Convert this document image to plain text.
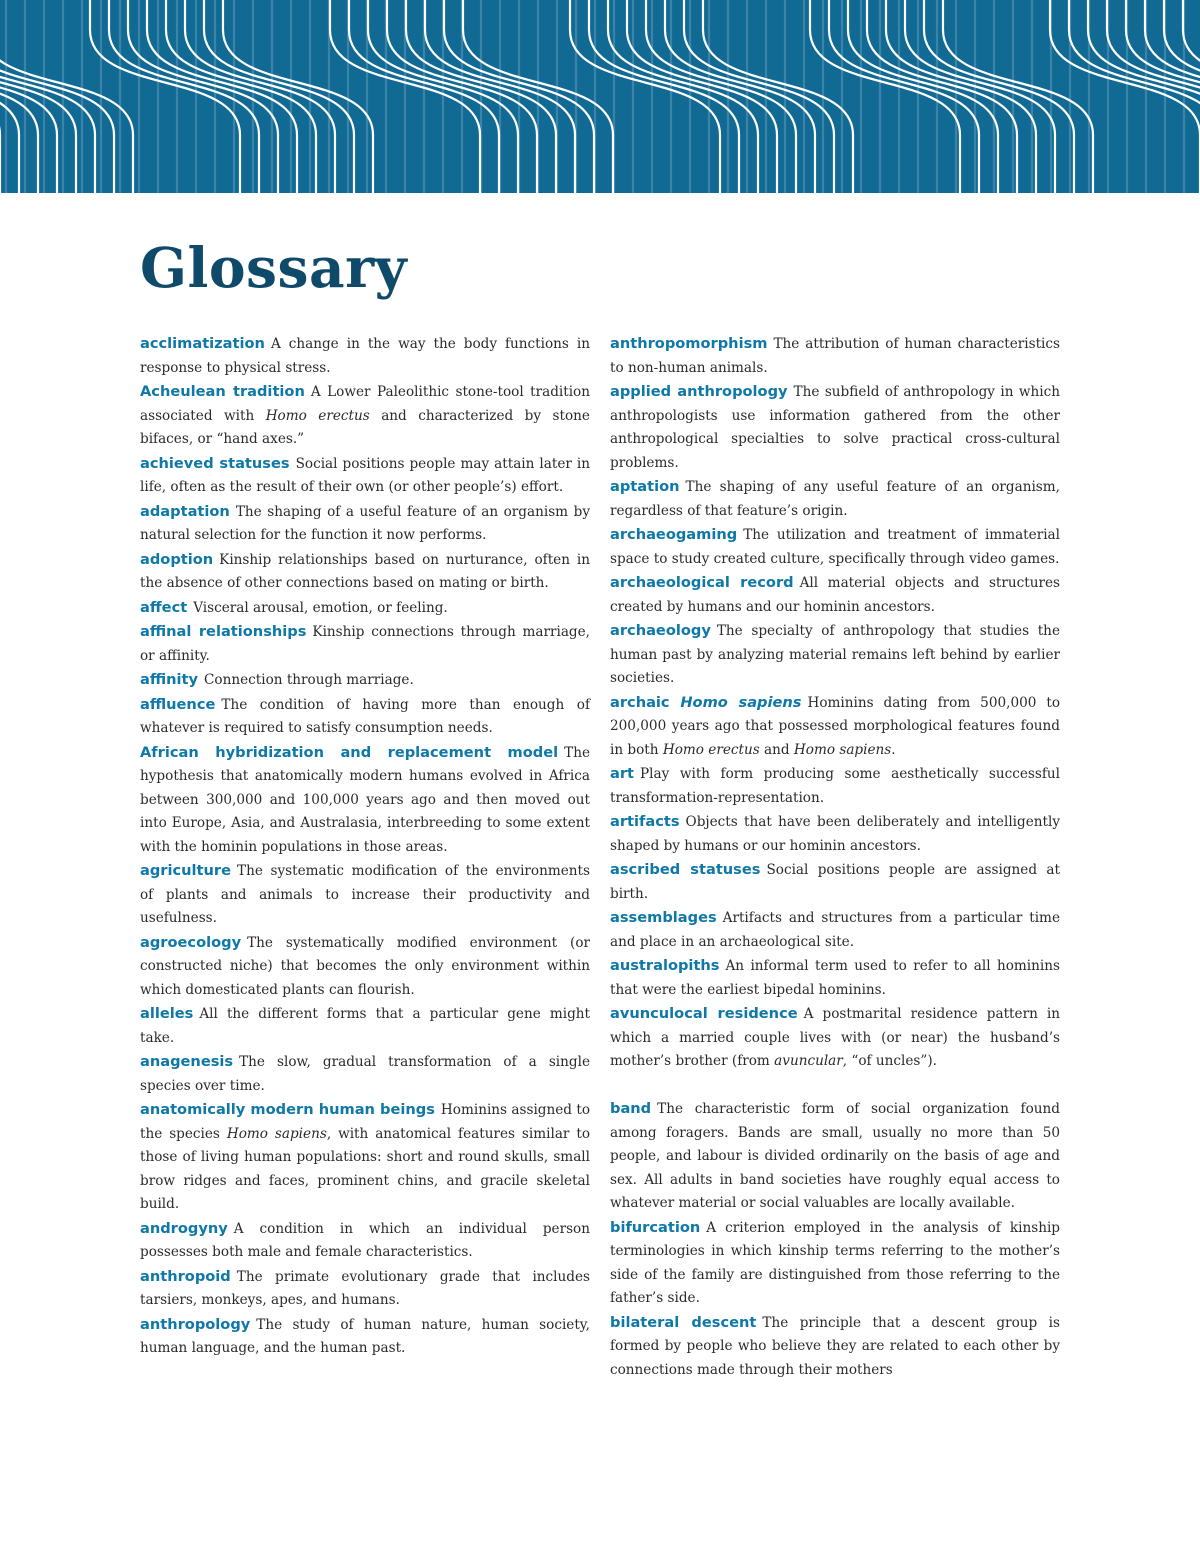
Glossary

acclimatization A change in the way the body functions in response to physical stress.

Acheulean tradition A Lower Paleolithic stone-tool tradition associated with Homo erectus and characterized by stone bifaces, or “hand axes.”

achieved statuses Social positions people may attain later in life, often as the result of their own (or other people’s) effort.

adaptation The shaping of a useful feature of an organism by natural selection for the function it now performs.

adoption Kinship relationships based on nurturance, often in the absence of other connections based on mating or birth.

affect Visceral arousal, emotion, or feeling.

affinal relationships Kinship connections through marriage, or affinity.

affinity Connection through marriage.

affluence The condition of having more than enough of whatever is required to satisfy consumption needs.

African hybridization and replacement model The hypothesis that anatomically modern humans evolved in Africa between 300,000 and 100,000 years ago and then moved out into Europe, Asia, and Australasia, interbreeding to some extent with the hominin populations in those areas.

agriculture The systematic modification of the environments of plants and animals to increase their productivity and usefulness.

agroecology The systematically modified environment (or constructed niche) that becomes the only environment within which domesticated plants can flourish.

alleles All the different forms that a particular gene might take.

anagenesis The slow, gradual transformation of a single species over time.

anatomically modern human beings Hominins assigned to the species Homo sapiens, with anatomical features similar to those of living human populations: short and round skulls, small brow ridges and faces, prominent chins, and gracile skeletal build.

androgyny A condition in which an individual person possesses both male and female characteristics.

anthropoid The primate evolutionary grade that includes tarsiers, monkeys, apes, and humans.

anthropology The study of human nature, human society, human language, and the human past.

anthropomorphism The attribution of human characteristics to non-human animals.

applied anthropology The subfield of anthropology in which anthropologists use information gathered from the other anthropological specialties to solve practical cross-cultural problems.

aptation The shaping of any useful feature of an organism, regardless of that feature’s origin.

archaeogaming The utilization and treatment of immaterial space to study created culture, specifically through video games.

archaeological record All material objects and structures created by humans and our hominin ancestors.

archaeology The specialty of anthropology that studies the human past by analyzing material remains left behind by earlier societies.

archaic Homo sapiens Hominins dating from 500,000 to 200,000 years ago that possessed morphological features found in both Homo erectus and Homo sapiens.

art Play with form producing some aesthetically successful transformation-representation.

artifacts Objects that have been deliberately and intelligently shaped by humans or our hominin ancestors.

ascribed statuses Social positions people are assigned at birth.

assemblages Artifacts and structures from a particular time and place in an archaeological site.

australopiths An informal term used to refer to all hominins that were the earliest bipedal hominins.

avunculocal residence A postmarital residence pattern in which a married couple lives with (or near) the husband’s mother’s brother (from avuncular, “of uncles”).

band The characteristic form of social organization found among foragers. Bands are small, usually no more than 50 people, and labour is divided ordinarily on the basis of age and sex. All adults in band societies have roughly equal access to whatever material or social valuables are locally available.

bifurcation A criterion employed in the analysis of kinship terminologies in which kinship terms referring to the mother’s side of the family are distinguished from those referring to the father’s side.

bilateral descent The principle that a descent group is formed by people who believe they are related to each other by connections made through their mothers
